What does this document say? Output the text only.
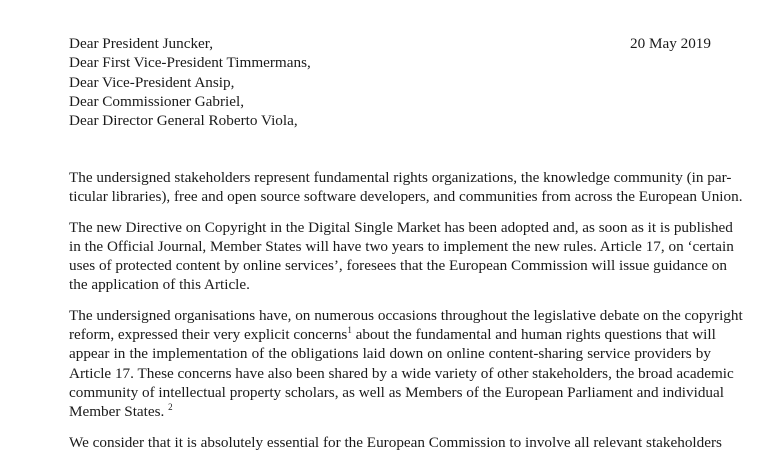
20 May 2019
Dear President Juncker,
Dear First Vice-President Timmermans,
Dear Vice-President Ansip,
Dear Commissioner Gabriel,
Dear Director General Roberto Viola,
The undersigned stakeholders represent fundamental rights organizations, the knowledge community (in par-
ticular libraries), free and open source software developers, and communities from across the European Union.
The new Directive on Copyright in the Digital Single Market has been adopted and, as soon as it is published
in the Official Journal, Member States will have two years to implement the new rules. Article 17, on ‘certain
uses of protected content by online services’, foresees that the European Commission will issue guidance on
the application of this Article.
The undersigned organisations have, on numerous occasions throughout the legislative debate on the copyright
reform, expressed their very explicit concerns$^1$ about the fundamental and human rights questions that will
appear in the implementation of the obligations laid down on online content-sharing service providers by
Article 17. These concerns have also been shared by a wide variety of other stakeholders, the broad academic
community of intellectual property scholars, as well as Members of the European Parliament and individual
Member States. $^2$
We consider that it is absolutely essential for the European Commission to involve all relevant stakeholders
